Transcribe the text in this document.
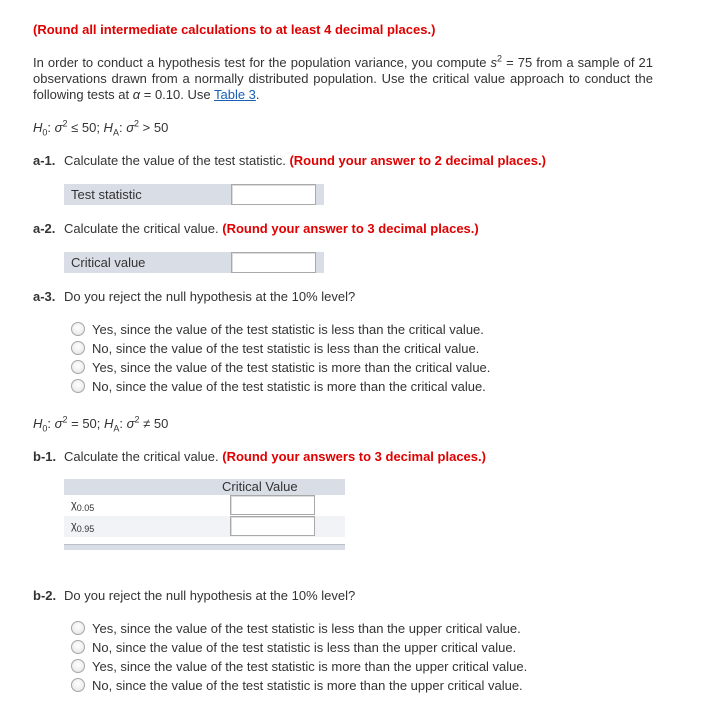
(Round all intermediate calculations to at least 4 decimal places.)
In order to conduct a hypothesis test for the population variance, you compute $s^2 = 75$ from a sample of 21 observations drawn from a normally distributed population. Use the critical value approach to conduct the following tests at α = 0.10. Use Table 3.
$H_0$: $\sigma^2 \le 50$; $H_A$: $\sigma^2 > 50$
a-1. Calculate the value of the test statistic. (Round your answer to 2 decimal places.)
Test statistic
a-2. Calculate the critical value. (Round your answer to 3 decimal places.)
Critical value
a-3. Do you reject the null hypothesis at the 10% level?
Yes, since the value of the test statistic is less than the critical value.
No, since the value of the test statistic is less than the critical value.
Yes, since the value of the test statistic is more than the critical value.
No, since the value of the test statistic is more than the critical value.
$H_0$: $\sigma^2 = 50$; $H_A$: $\sigma^2 \ne 50$
b-1. Calculate the critical value. (Round your answers to 3 decimal places.)
Critical Value
$\chi_{0.05}$
$\chi_{0.95}$
b-2. Do you reject the null hypothesis at the 10% level?
Yes, since the value of the test statistic is less than the upper critical value.
No, since the value of the test statistic is less than the upper critical value.
Yes, since the value of the test statistic is more than the upper critical value.
No, since the value of the test statistic is more than the upper critical value.
